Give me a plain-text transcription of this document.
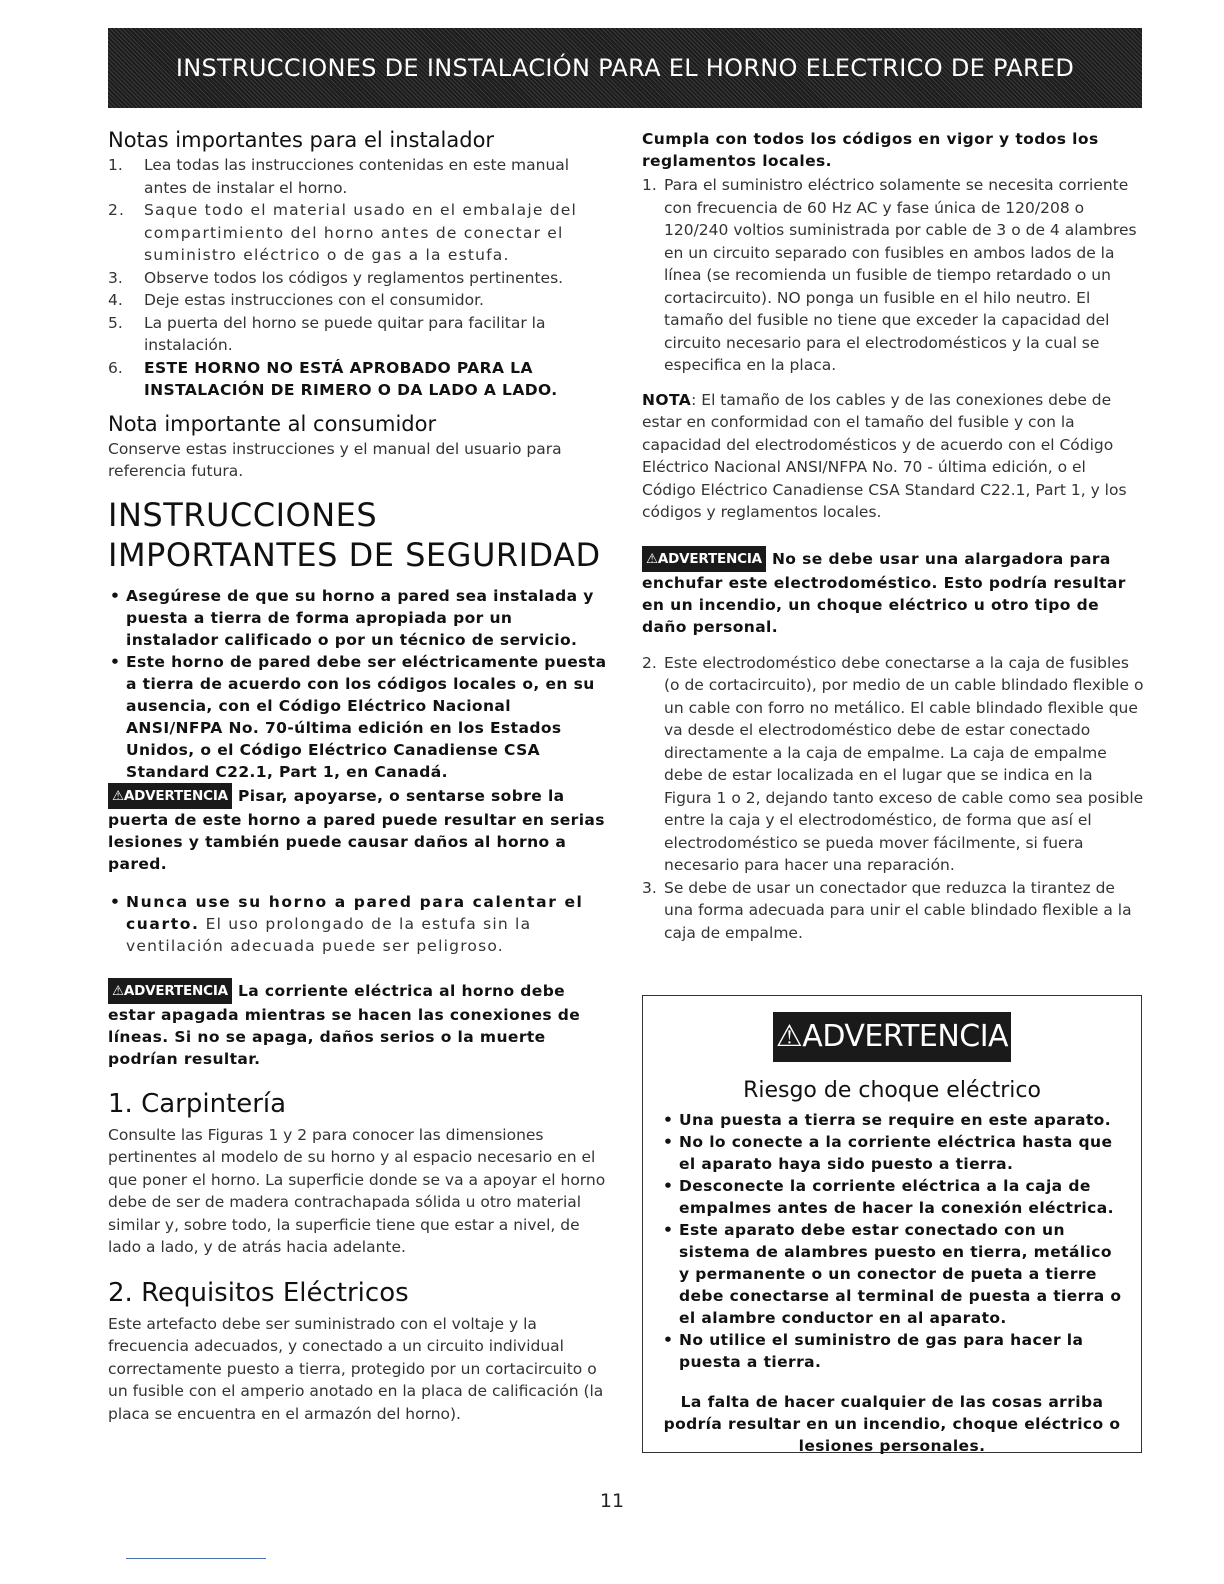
INSTRUCCIONES DE INSTALACIÓN PARA EL HORNO ELECTRICO DE PARED
Notas importantes para el instalador
1. Lea todas las instrucciones contenidas en este manual antes de instalar el horno.
2. Saque todo el material usado en el embalaje del compartimiento del horno antes de conectar el suministro eléctrico o de gas a la estufa.
3. Observe todos los códigos y reglamentos pertinentes.
4. Deje estas instrucciones con el consumidor.
5. La puerta del horno se puede quitar para facilitar la instalación.
6. ESTE HORNO NO ESTÁ APROBADO PARA LA INSTALACIÓN DE RIMERO O DA LADO A LADO.
Nota importante al consumidor

Conserve estas instrucciones y el manual del usuario para referencia futura.

INSTRUCCIONES
IMPORTANTES DE SEGURIDAD
• Asegúrese de que su horno a pared sea instalada y puesta a tierra de forma apropiada por un instalador calificado o por un técnico de servicio.
• Este horno de pared debe ser eléctricamente puesta a tierra de acuerdo con los códigos locales o, en su ausencia, con el Código Eléctrico Nacional ANSI/NFPA No. 70-última edición en los Estados Unidos, o el Código Eléctrico Canadiense CSA Standard C22.1, Part 1, en Canadá.

⚠ADVERTENCIA Pisar, apoyarse, o sentarse sobre la puerta de este horno a pared puede resultar en serias lesiones y también puede causar daños al horno a pared.

• Nunca use su horno a pared para calentar el cuarto. El uso prolongado de la estufa sin la ventilación adecuada puede ser peligroso.

⚠ADVERTENCIA La corriente eléctrica al horno debe estar apagada mientras se hacen las conexiones de líneas. Si no se apaga, daños serios o la muerte podrían resultar.

1. Carpintería

Consulte las Figuras 1 y 2 para conocer las dimensiones pertinentes al modelo de su horno y al espacio necesario en el que poner el horno. La superficie donde se va a apoyar el horno debe de ser de madera contrachapada sólida u otro material similar y, sobre todo, la superficie tiene que estar a nivel, de lado a lado, y de atrás hacia adelante.

2. Requisitos Eléctricos

Este artefacto debe ser suministrado con el voltaje y la frecuencia adecuados, y conectado a un circuito individual correctamente puesto a tierra, protegido por un cortacircuito o un fusible con el amperio anotado en la placa de calificación (la placa se encuentra en el armazón del horno).

Cumpla con todos los códigos en vigor y todos los reglamentos locales.

1. Para el suministro eléctrico solamente se necesita corriente con frecuencia de 60 Hz AC y fase única de 120/208 o 120/240 voltios suministrada por cable de 3 o de 4 alambres en un circuito separado con fusibles en ambos lados de la línea (se recomienda un fusible de tiempo retardado o un cortacircuito). NO ponga un fusible en el hilo neutro. El tamaño del fusible no tiene que exceder la capacidad del circuito necesario para el electrodomésticos y la cual se especifica en la placa.

NOTA: El tamaño de los cables y de las conexiones debe de estar en conformidad con el tamaño del fusible y con la capacidad del electrodomésticos y de acuerdo con el Código Eléctrico Nacional ANSI/NFPA No. 70 - última edición, o el Código Eléctrico Canadiense CSA Standard C22.1, Part 1, y los códigos y reglamentos locales.

⚠ADVERTENCIA No se debe usar una alargadora para enchufar este electrodoméstico. Esto podría resultar en un incendio, un choque eléctrico u otro tipo de daño personal.

2. Este electrodoméstico debe conectarse a la caja de fusibles (o de cortacircuito), por medio de un cable blindado flexible o un cable con forro no metálico. El cable blindado flexible que va desde el electrodoméstico debe de estar conectado directamente a la caja de empalme. La caja de empalme debe de estar localizada en el lugar que se indica en la Figura 1 o 2, dejando tanto exceso de cable como sea posible entre la caja y el electrodoméstico, de forma que así el electrodoméstico se pueda mover fácilmente, si fuera necesario para hacer una reparación.
3. Se debe de usar un conectador que reduzca la tirantez de una forma adecuada para unir el cable blindado flexible a la caja de empalme.
⚠ADVERTENCIA
Riesgo de choque eléctrico
• Una puesta a tierra se require en este aparato.
• No lo conecte a la corriente eléctrica hasta que el aparato haya sido puesto a tierra.
• Desconecte la corriente eléctrica a la caja de empalmes antes de hacer la conexión eléctrica.
• Este aparato debe estar conectado con un sistema de alambres puesto en tierra, metálico y permanente o un conector de pueta a tierre debe conectarse al terminal de puesta a tierra o el alambre conductor en al aparato.
• No utilice el suministro de gas para hacer la puesta a tierra.

La falta de hacer cualquier de las cosas arriba podría resultar en un incendio, choque eléctrico o lesiones personales.

11
